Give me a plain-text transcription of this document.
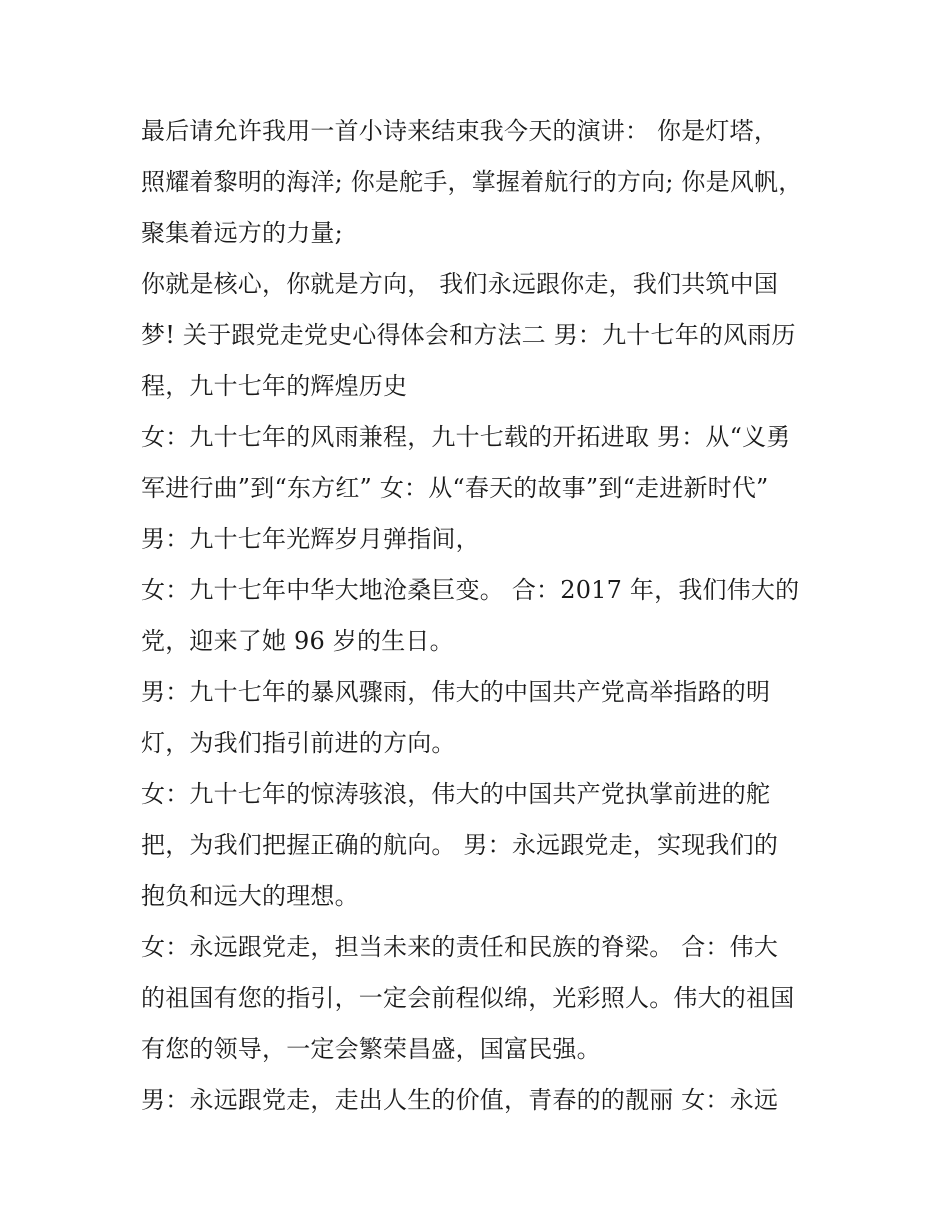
最后请允许我用一首小诗来结束我今天的演讲： 你是灯塔，
照耀着黎明的海洋; 你是舵手，掌握着航行的方向; 你是风帆，
聚集着远方的力量;
你就是核心，你就是方向， 我们永远跟你走，我们共筑中国
梦! 关于跟党走党史心得体会和方法二 男：九十七年的风雨历
程，九十七年的辉煌历史
女：九十七年的风雨兼程，九十七载的开拓进取 男：从“义勇
军进行曲”到“东方红” 女：从“春天的故事”到“走进新时代”
男：九十七年光辉岁月弹指间，
女：九十七年中华大地沧桑巨变。 合：2017 年，我们伟大的
党，迎来了她 96 岁的生日。
男：九十七年的暴风骤雨，伟大的中国共产党高举指路的明
灯，为我们指引前进的方向。
女：九十七年的惊涛骇浪，伟大的中国共产党执掌前进的舵
把，为我们把握正确的航向。 男：永远跟党走，实现我们的
抱负和远大的理想。
女：永远跟党走，担当未来的责任和民族的脊梁。 合：伟大
的祖国有您的指引，一定会前程似绵，光彩照人。伟大的祖国
有您的领导，一定会繁荣昌盛，国富民强。
男：永远跟党走，走出人生的价值，青春的的靓丽 女：永远
